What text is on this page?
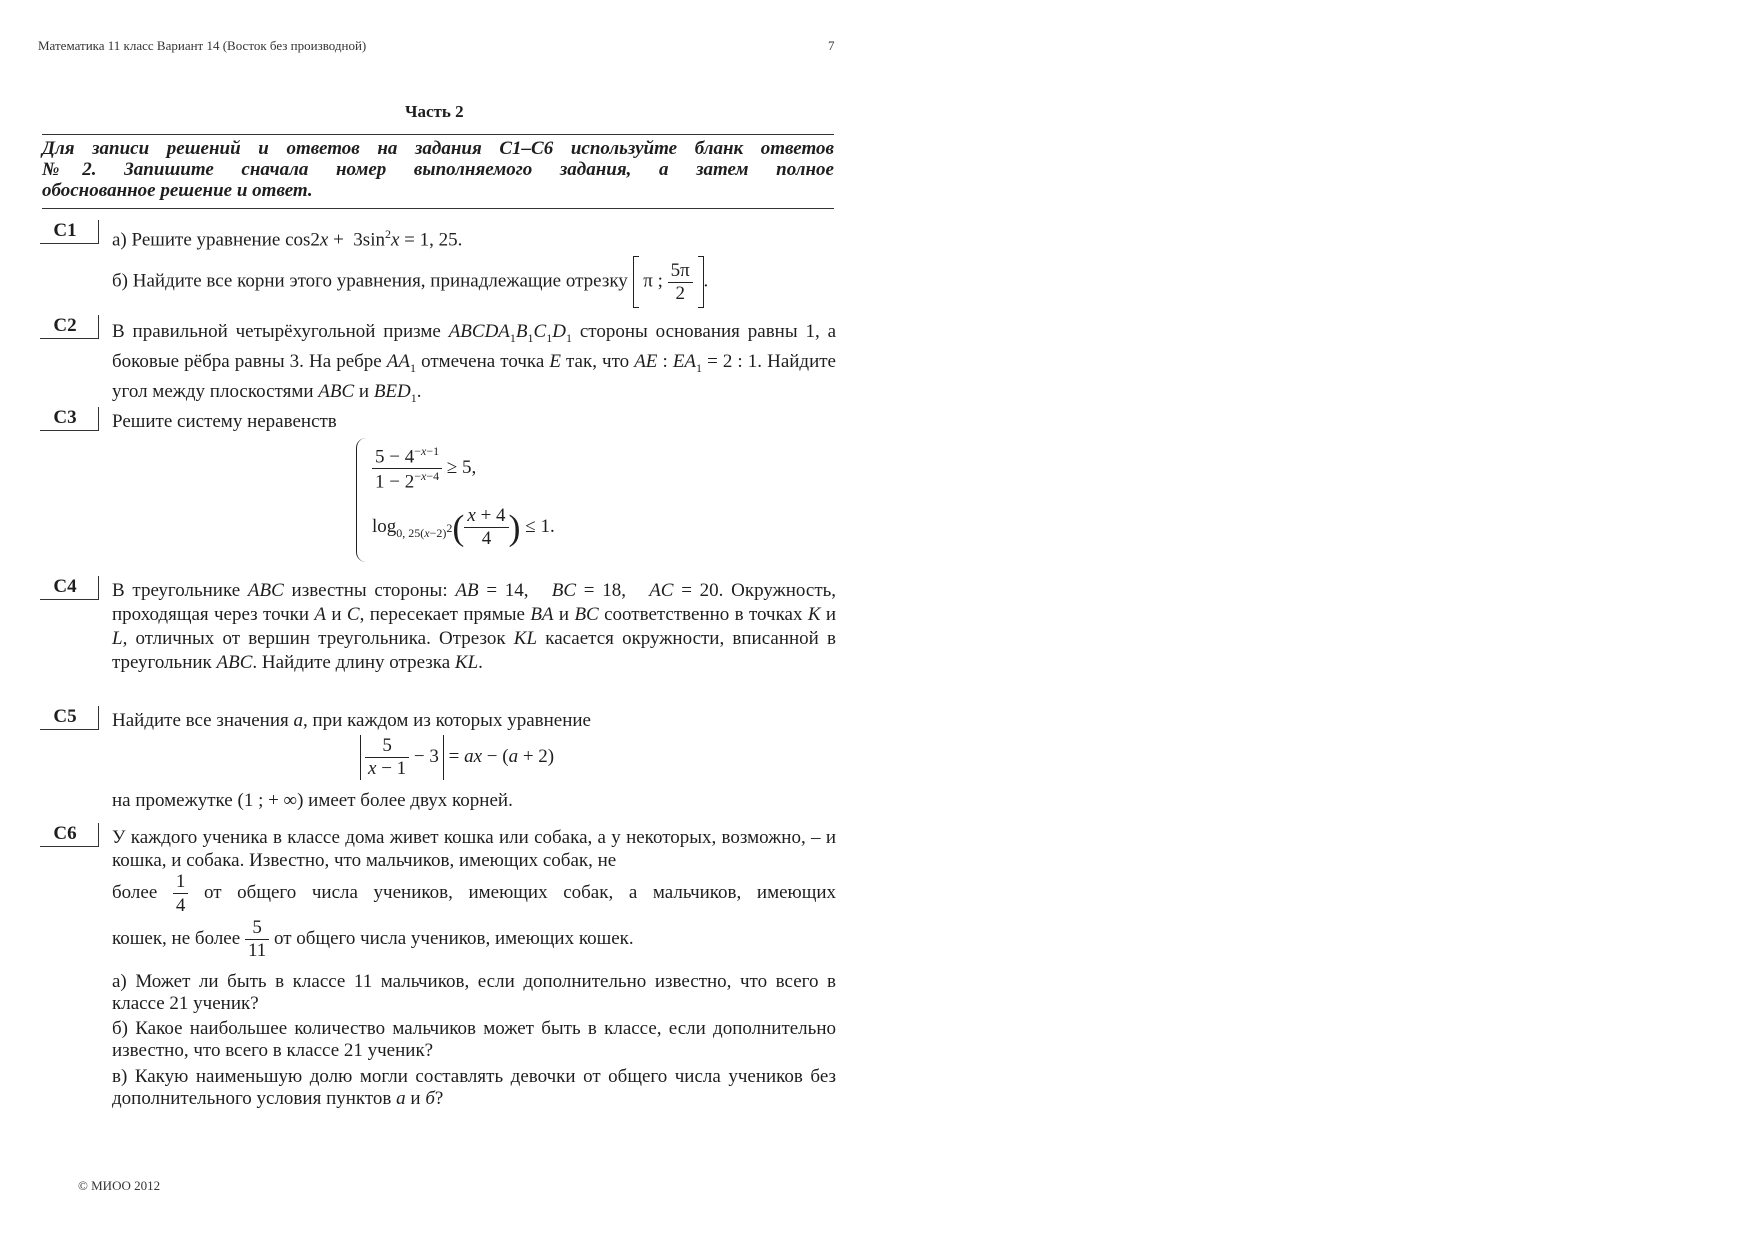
Математика 11 класс Вариант 14 (Восток без производной)	7
Часть 2
Для записи решений и ответов на задания С1–С6 используйте бланк ответов
№2. Запишите сначала номер выполняемого задания, а затем полное
обоснованное решение и ответ.
C1	а) Решите уравнение $\cos 2x + 3\sin^2x = 1$, 25.
б) Найдите все корни этого уравнения, принадлежащие отрезку  π ; $\frac{5\pi}{2}$ .
C2	В правильной четырёхугольной призме $ABCDA_1B_1C_1D_1$ стороны основания равны 1, а боковые рёбра равны 3. На ребре $AA_1$ отмечена точка E так, что AE : $EA_1 = 2$ : 1. Найдите угол между плоскостями ABC и $BED_1$.
C3	Решите систему неравенств
$\frac{5 - 4^{-x-1}}{1 - 2^{-x-4}} \ge 5$,
$\log_{0, 25(x-2)^2}( \frac{x + 4}{4}$ ) ≤ 1.
C4	В треугольнике ABC известны стороны: AB = 14,   BC = 18,   AC = 20. Окружность, проходящая через точки A и C, пересекает прямые BA и BC соответственно в точках K и L, отличных от вершин треугольника. Отрезок KL касается окружности, вписанной в треугольник ABC. Найдите длину отрезка KL.
C5	Найдите все значения a, при каждом из которых уравнение
$\frac{5}{x - 1} - 3$ = ax − (a + 2)
на промежутке (1 ; + ∞) имеет более двух корней.
C6	У каждого ученика в классе дома живет кошка или собака, а у некоторых, возможно, – и кошка, и собака. Известно, что мальчиков, имеющих собак, не
более $\frac{1}{4}$ от общего числа учеников, имеющих собак, а мальчиков, имеющих
кошек, не более $\frac{5}{11}$ от общего числа учеников, имеющих кошек.
а) Может ли быть в классе 11 мальчиков, если дополнительно известно, что всего в классе 21 ученик?
б) Какое наибольшее количество мальчиков может быть в классе, если дополнительно известно, что всего в классе 21 ученик?
в) Какую наименьшую долю могли составлять девочки от общего числа учеников без дополнительного условия пунктов а и б?
© МИОО 2012
